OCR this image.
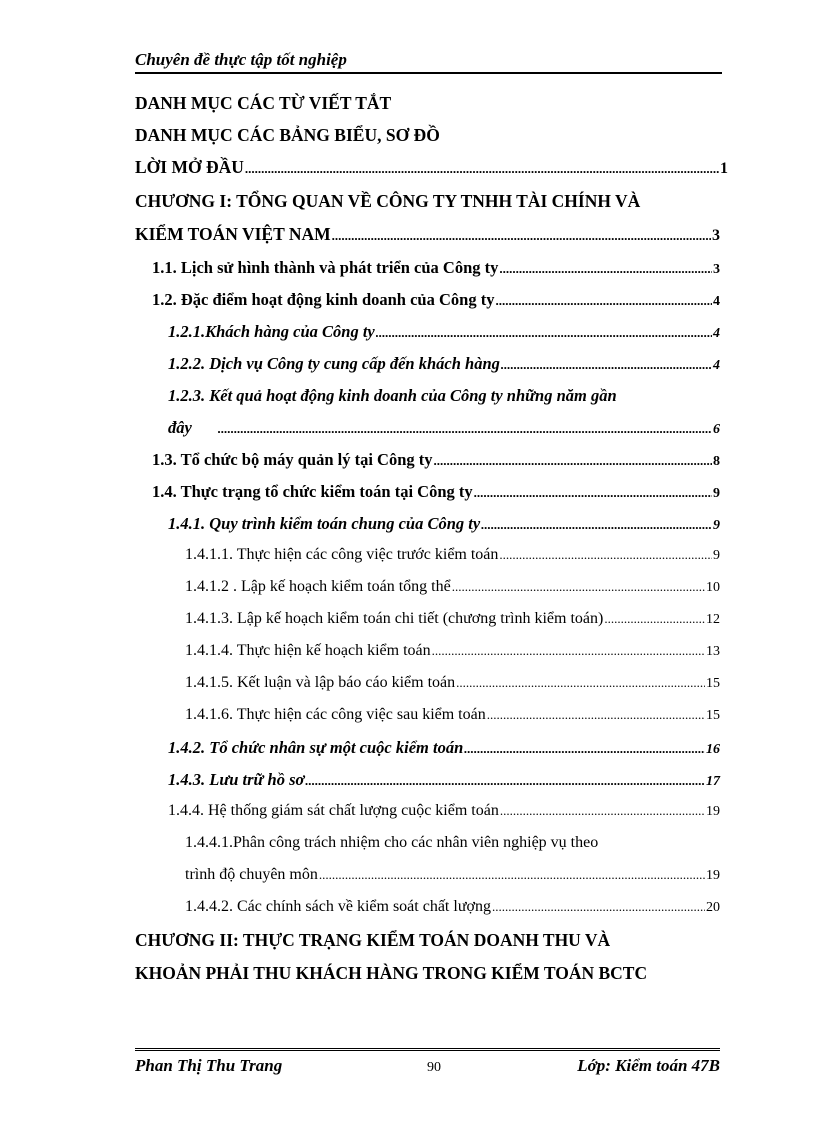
Chuyên đề thực tập tốt nghiệp
DANH MỤC CÁC TỪ VIẾT TẮT
DANH MỤC CÁC BẢNG BIỂU, SƠ ĐỒ
LỜI MỞ ĐẦU .....	1
CHƯƠNG I: TỔNG QUAN VỀ CÔNG TY TNHH TÀI CHÍNH VÀ
KIỂM TOÁN VIỆT NAM .....	3
1.1. Lịch sử hình thành và phát triển của Công ty .....	3
1.2. Đặc điểm hoạt động kinh doanh của Công ty .....	4
1.2.1.Khách hàng của Công ty .....	4
1.2.2. Dịch vụ Công ty cung cấp đến khách hàng .....	4
1.2.3. Kết quả hoạt động kinh doanh của Công ty những năm gần
đây .....	6
1.3. Tổ chức bộ máy quản lý tại Công ty .....	8
1.4. Thực trạng tổ chức kiểm toán tại Công ty .....	9
1.4.1. Quy trình kiểm toán chung của Công ty .....	9
1.4.1.1. Thực hiện các công việc trước kiểm toán .....	9
1.4.1.2 . Lập kế hoạch kiểm toán tổng thể .....	10
1.4.1.3. Lập kế hoạch kiểm toán chi tiết (chương trình kiểm toán) .....	12
1.4.1.4. Thực hiện kế hoạch kiểm toán .....	13
1.4.1.5. Kết luận và lập báo cáo kiểm toán .....	15
1.4.1.6. Thực hiện các công việc sau kiểm toán .....	15
1.4.2. Tổ chức nhân sự một cuộc kiểm toán .....	16
1.4.3. Lưu trữ hồ sơ .....	17
1.4.4. Hệ thống giám sát chất lượng cuộc kiểm toán .....	19
1.4.4.1.Phân công trách nhiệm cho các nhân viên nghiệp vụ theo
trình độ chuyên môn .....	19
1.4.4.2. Các chính sách về kiểm soát chất lượng .....	20
CHƯƠNG II: THỰC TRẠNG KIỂM TOÁN DOANH THU VÀ
KHOẢN PHẢI THU KHÁCH HÀNG TRONG KIỂM TOÁN BCTC
Phan Thị Thu Trang	90	Lớp: Kiểm toán 47B
